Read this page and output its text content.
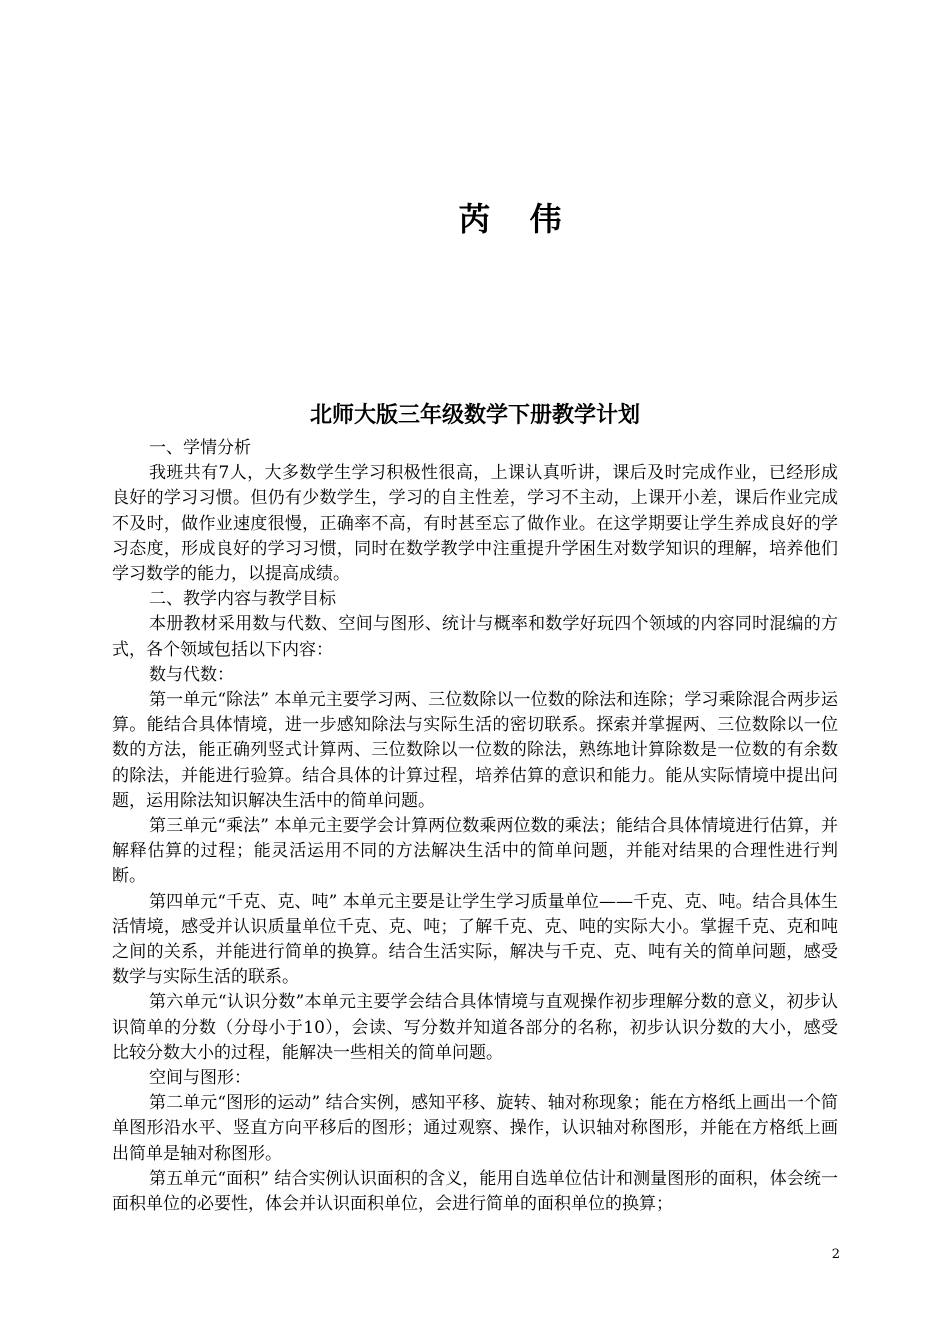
芮 伟
北师大版三年级数学下册教学计划

一、学情分析

我班共有7人，大多数学生学习积极性很高，上课认真听讲，课后及时完成作业，已经形成良好的学习习惯。但仍有少数学生，学习的自主性差，学习不主动，上课开小差，课后作业完成不及时，做作业速度很慢，正确率不高，有时甚至忘了做作业。在这学期要让学生养成良好的学习态度，形成良好的学习习惯，同时在数学教学中注重提升学困生对数学知识的理解，培养他们学习数学的能力，以提高成绩。

二、教学内容与教学目标

本册教材采用数与代数、空间与图形、统计与概率和数学好玩四个领域的内容同时混编的方式，各个领域包括以下内容：

数与代数：

第一单元“除法” 本单元主要学习两、三位数除以一位数的除法和连除；学习乘除混合两步运算。能结合具体情境，进一步感知除法与实际生活的密切联系。探索并掌握两、三位数除以一位数的方法，能正确列竖式计算两、三位数除以一位数的除法，熟练地计算除数是一位数的有余数的除法，并能进行验算。结合具体的计算过程，培养估算的意识和能力。能从实际情境中提出问题，运用除法知识解决生活中的简单问题。

第三单元“乘法” 本单元主要学会计算两位数乘两位数的乘法；能结合具体情境进行估算，并解释估算的过程；能灵活运用不同的方法解决生活中的简单问题，并能对结果的合理性进行判断。

第四单元“千克、克、吨” 本单元主要是让学生学习质量单位——千克、克、吨。结合具体生活情境，感受并认识质量单位千克、克、吨；了解千克、克、吨的实际大小。掌握千克、克和吨之间的关系，并能进行简单的换算。结合生活实际，解决与千克、克、吨有关的简单问题，感受数学与实际生活的联系。

第六单元“认识分数”本单元主要学会结合具体情境与直观操作初步理解分数的意义，初步认识简单的分数（分母小于10），会读、写分数并知道各部分的名称，初步认识分数的大小，感受比较分数大小的过程，能解决一些相关的简单问题。

空间与图形：

第二单元“图形的运动” 结合实例，感知平移、旋转、轴对称现象；能在方格纸上画出一个简单图形沿水平、竖直方向平移后的图形；通过观察、操作，认识轴对称图形，并能在方格纸上画出简单是轴对称图形。

第五单元“面积” 结合实例认识面积的含义，能用自选单位估计和测量图形的面积，体会统一面积单位的必要性，体会并认识面积单位，会进行简单的面积单位的换算；

2
